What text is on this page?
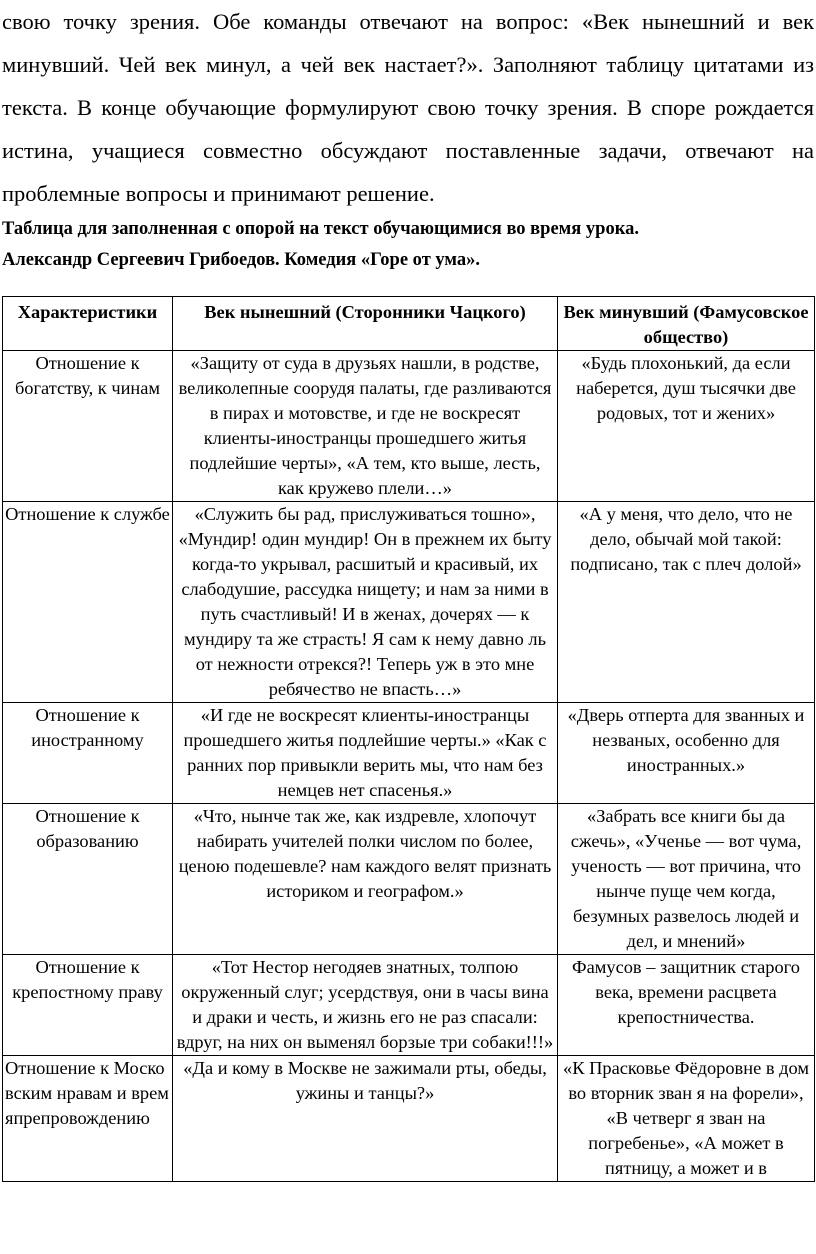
свою точку зрения. Обе команды отвечают на вопрос: «Век нынешний и век минувший. Чей век минул, а чей век настает?». Заполняют таблицу цитатами из текста. В конце обучающие формулируют свою точку зрения. В споре рождается истина, учащиеся совместно обсуждают поставленные задачи, отвечают на проблемные вопросы и принимают решение.

Таблица для заполненная с опорой на текст обучающимися во время урока.
Александр Сергеевич Грибоедов. Комедия «Горе от ума».
Характеристики	Век нынешний (Сторонники Чацкого)	Век минувший (Фамусовское общество)
Отношение к богатству, к чинам	«Защиту от суда в друзьях нашли, в родстве, великолепные соорудя палаты, где разливаются в пирах и мотовстве, и где не воскресят клиенты-иностранцы прошедшего житья подлейшие черты», «А тем, кто выше, лесть, как кружево плели…»	«Будь плохонький, да если наберется, душ тысячки две родовых, тот и жених»
Отношение к службе	«Служить бы рад, прислуживаться тошно», «Мундир! один мундир! Он в прежнем их быту когда-то укрывал, расшитый и красивый, их слабодушие, рассудка нищету; и нам за ними в путь счастливый! И в женах, дочерях — к мундиру та же страсть! Я сам к нему давно ль от нежности отрекся?! Теперь уж в это мне ребячество не впасть…»	«А у меня, что дело, что не дело, обычай мой такой: подписано, так с плеч долой»
Отношение к иностранному	«И где не воскресят клиенты-иностранцы прошедшего житья подлейшие черты.» «Как с ранних пор привыкли верить мы, что нам без немцев нет спасенья.»	«Дверь отперта для званных и незваных, особенно для иностранных.»
Отношение к образованию	«Что, нынче так же, как издревле, хлопочут набирать учителей полки числом по более, ценою подешевле? нам каждого велят признать историком и географом.»	«Забрать все книги бы да сжечь», «Ученье — вот чума, ученость — вот причина, что нынче пуще чем когда, безумных развелось людей и дел, и мнений»
Отношение к крепостному праву	«Тот Нестор негодяев знатных, толпою окруженный слуг; усердствуя, они в часы вина и драки и честь, и жизнь его не раз спасали: вдруг, на них он выменял борзые три собаки!!!»	Фамусов – защитник старого века, времени расцвета крепостничества.
Отношение к Московским нравам и времяпрепровождению	«Да и кому в Москве не зажимали рты, обеды, ужины и танцы?»	«К Прасковье Фёдоровне в дом во вторник зван я на форели», «В четверг я зван на погребенье», «А может в пятницу, а может и в
